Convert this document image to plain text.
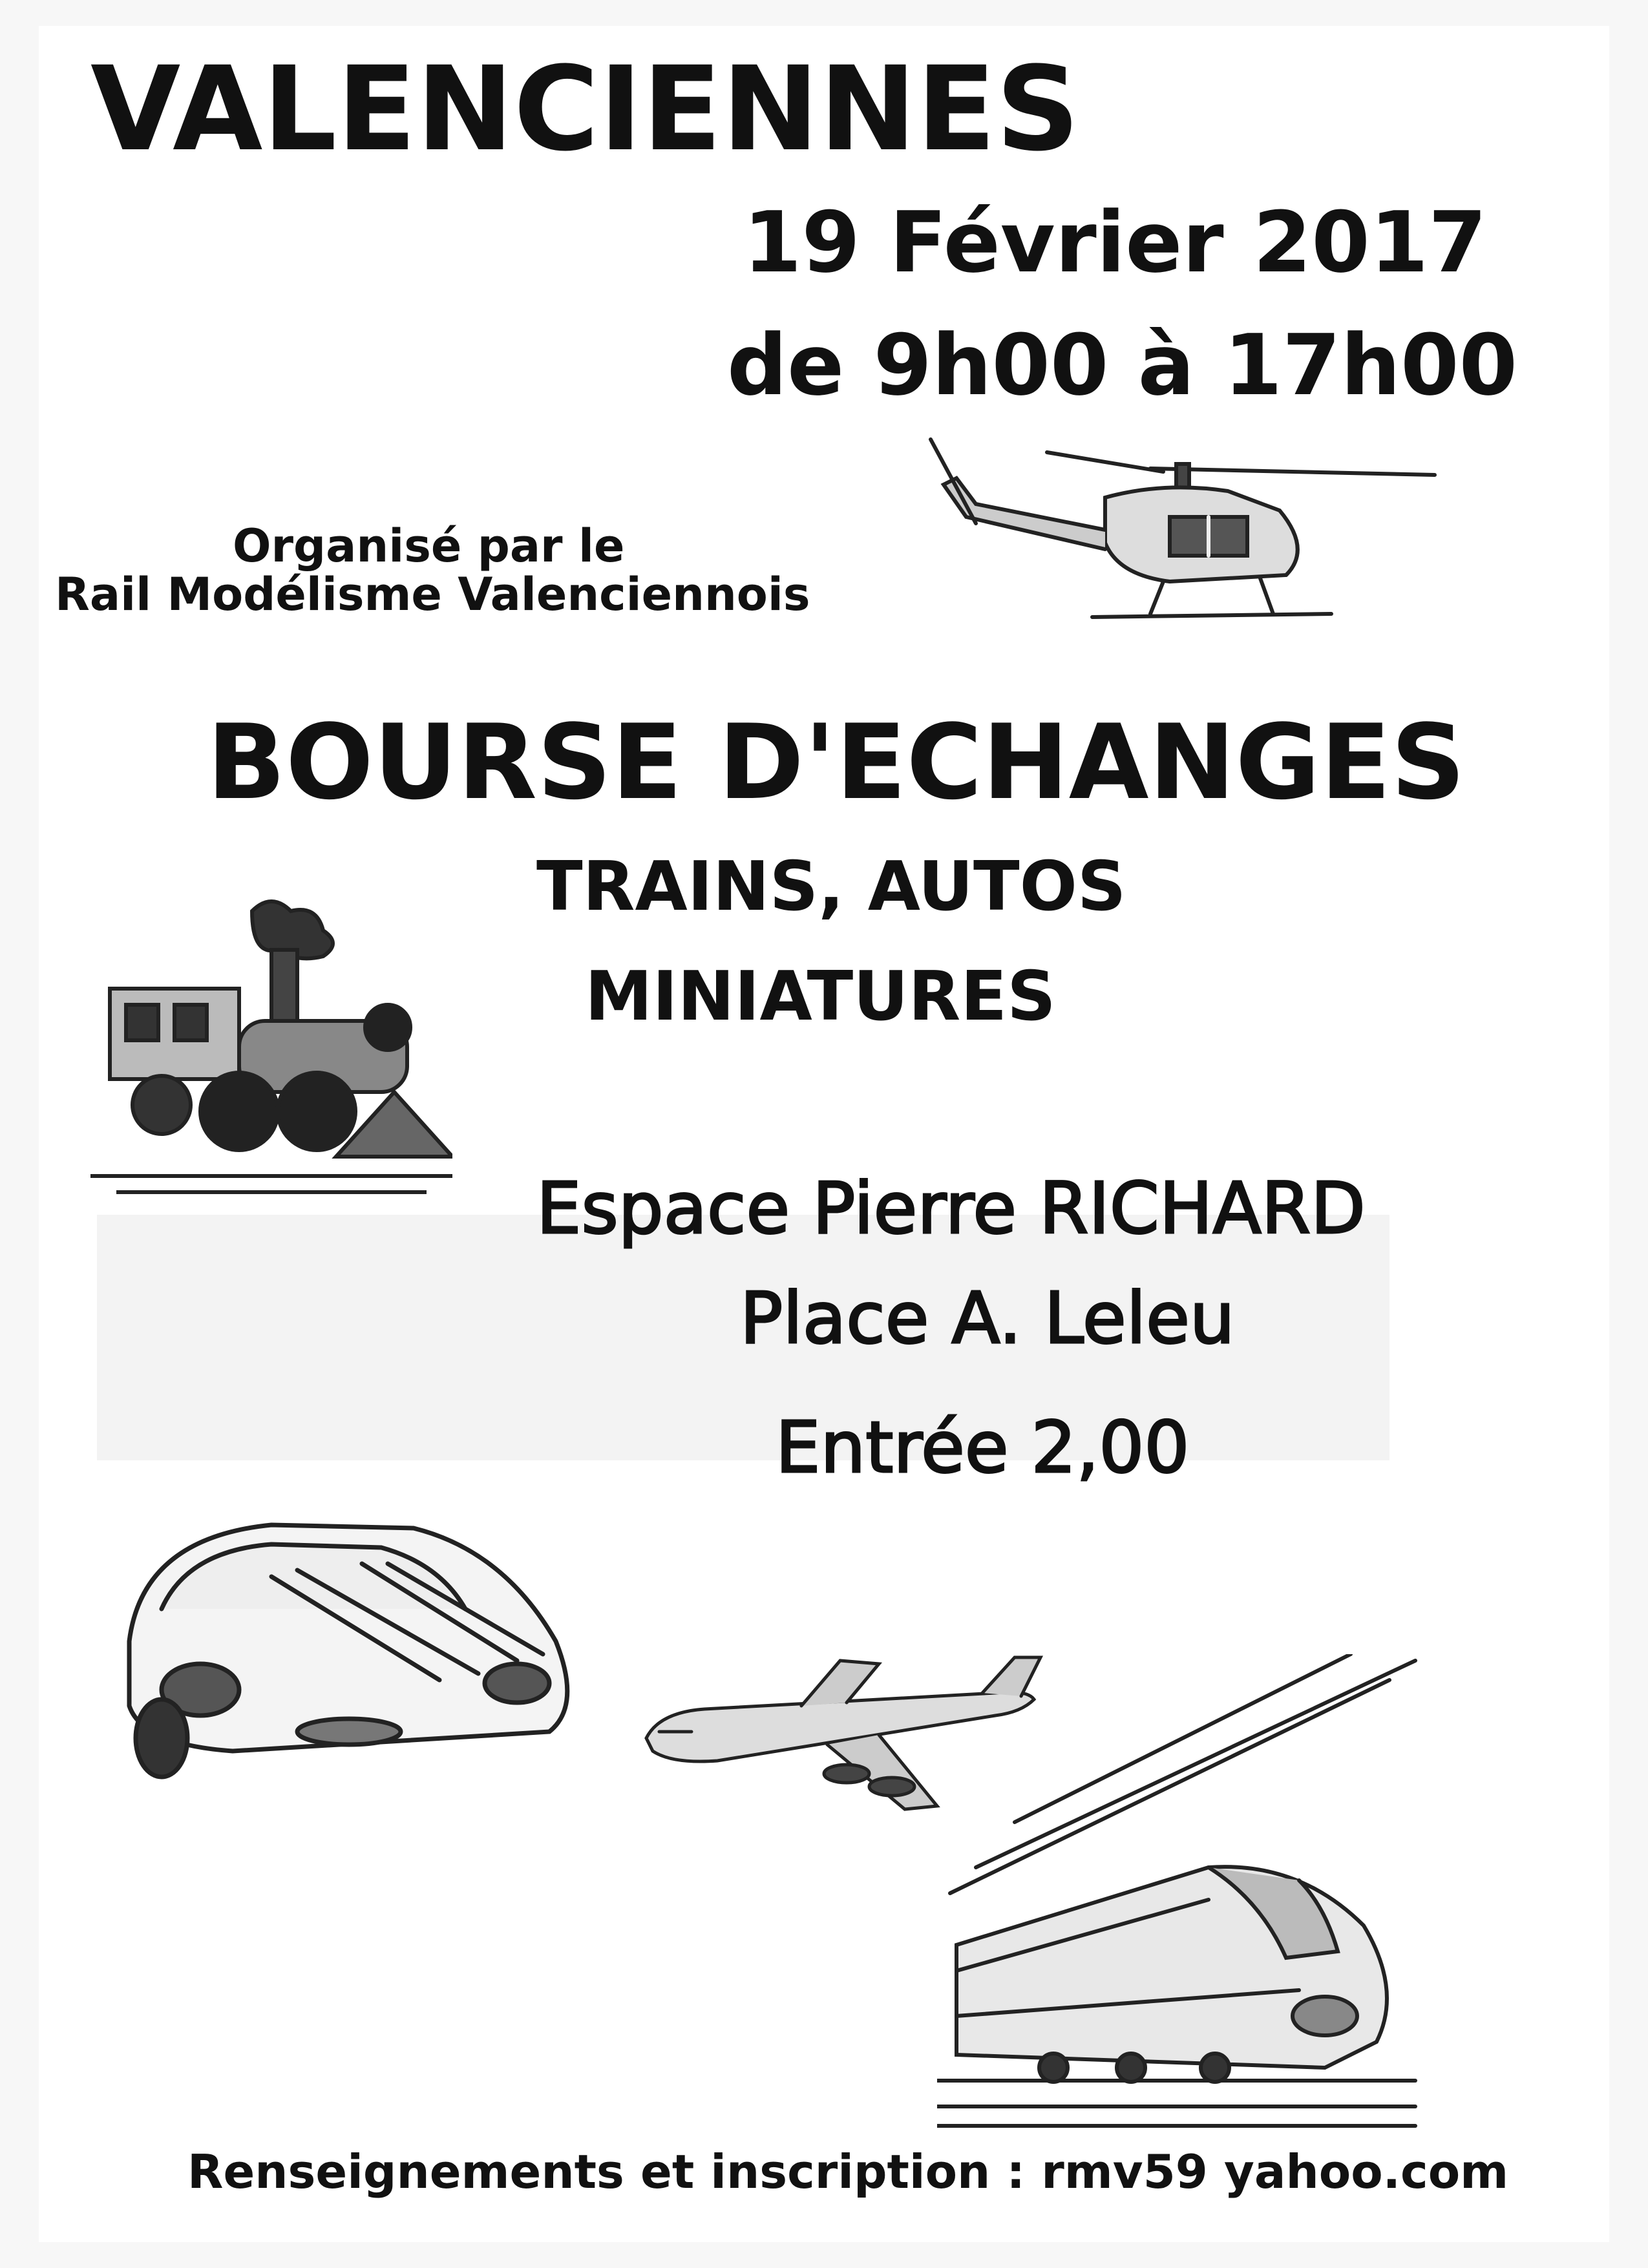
VALENCIENNES
19 Février 2017
de 9h00 à 17h00
Organisé par le
Rail Modélisme Valenciennois
BOURSE D'ECHANGES
TRAINS, AUTOS
MINIATURES
Espace Pierre RICHARD
Place A. Leleu
Entrée 2,00
Renseignements et inscription : rmv59 yahoo.com
